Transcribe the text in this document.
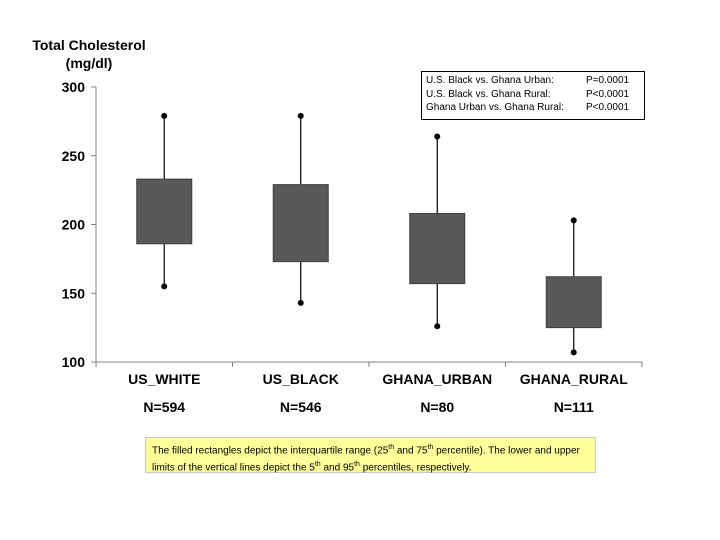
Total Cholesterol
(mg/dl)
100
150
200
250
300
US_WHITE
N=594
US_BLACK
N=546
GHANA_URBAN
N=80
GHANA_RURAL
N=111
U.S. Black vs. Ghana Urban:	P=0.0001
U.S. Black vs. Ghana Rural:	P<0.0001
Ghana Urban vs. Ghana Rural:	P<0.0001
The filled rectangles depict the interquartile range (25th and 75th percentile). The lower and upper limits of the vertical lines depict the 5th and 95th percentiles, respectively.
